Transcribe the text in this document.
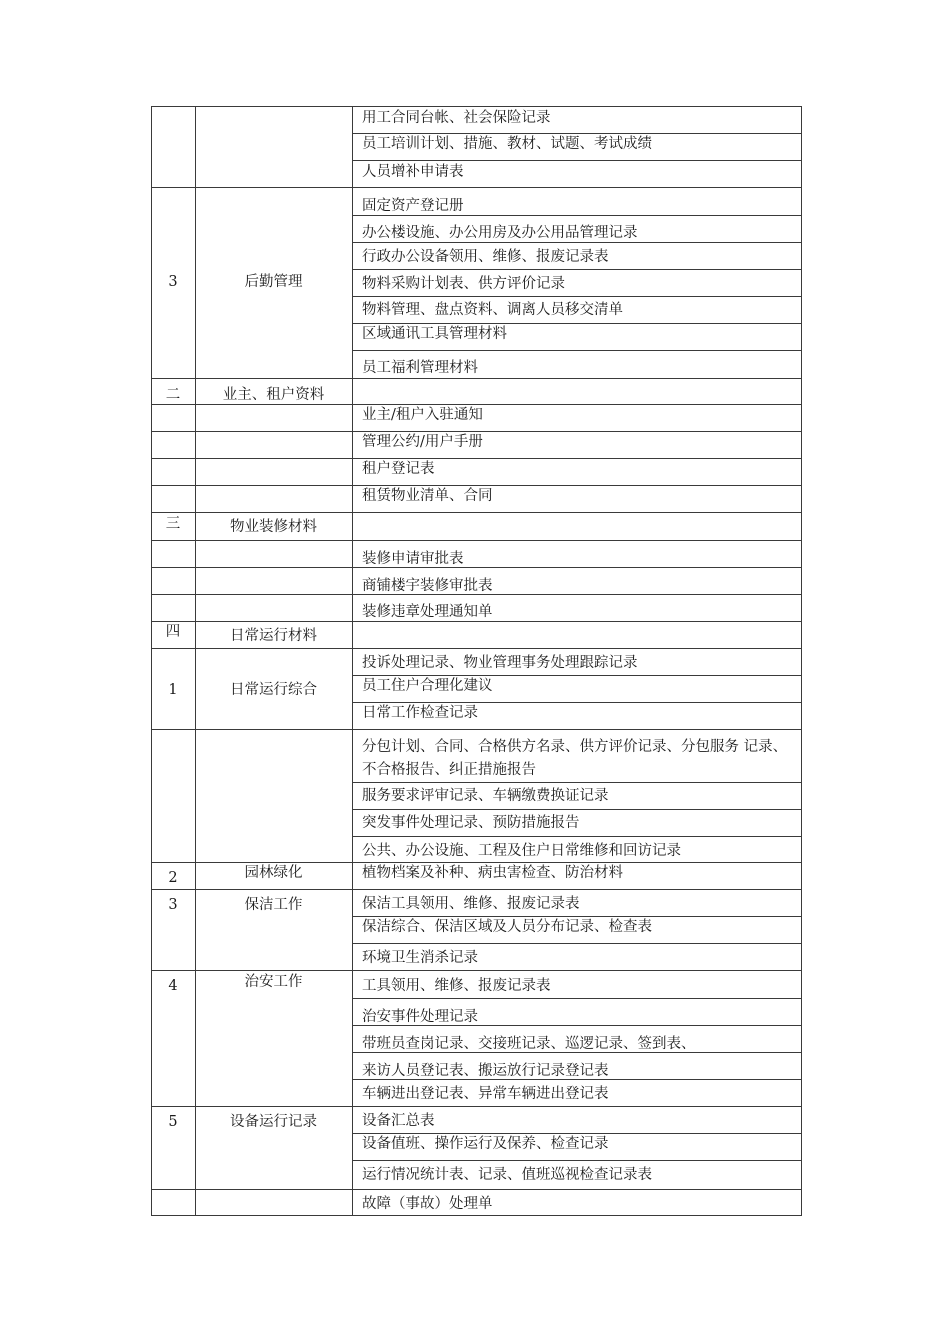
用工合同台帐、社会保险记录
员工培训计划、措施、教材、试题、考试成绩
人员增补申请表
3	后勤管理
固定资产登记册
办公楼设施、办公用房及办公用品管理记录
行政办公设备领用、维修、报废记录表
物料采购计划表、供方评价记录
物料管理、盘点资料、调离人员移交清单
区域通讯工具管理材料
员工福利管理材料
二	业主、租户资料
业主/租户入驻通知
管理公约/用户手册
租户登记表
租赁物业清单、合同
三	物业装修材料
装修申请审批表
商铺楼宇装修审批表
装修违章处理通知单
四	日常运行材料
1	日常运行综合
投诉处理记录、物业管理事务处理跟踪记录
员工住户合理化建议
日常工作检查记录
分包计划、合同、合格供方名录、供方评价记录、分包服务 记录、不合格报告、纠正措施报告
服务要求评审记录、车辆缴费换证记录
突发事件处理记录、预防措施报告
公共、办公设施、工程及住户日常维修和回访记录
2	园林绿化	植物档案及补种、病虫害检查、防治材料
3	保洁工作	保洁工具领用、维修、报废记录表
保洁综合、保洁区域及人员分布记录、检查表
环境卫生消杀记录
4	治安工作	工具领用、维修、报废记录表
治安事件处理记录
带班员查岗记录、交接班记录、巡逻记录、签到表、
来访人员登记表、搬运放行记录登记表
车辆进出登记表、异常车辆进出登记表
5	设备运行记录	设备汇总表
设备值班、操作运行及保养、检查记录
运行情况统计表、记录、值班巡视检查记录表
故障（事故）处理单
